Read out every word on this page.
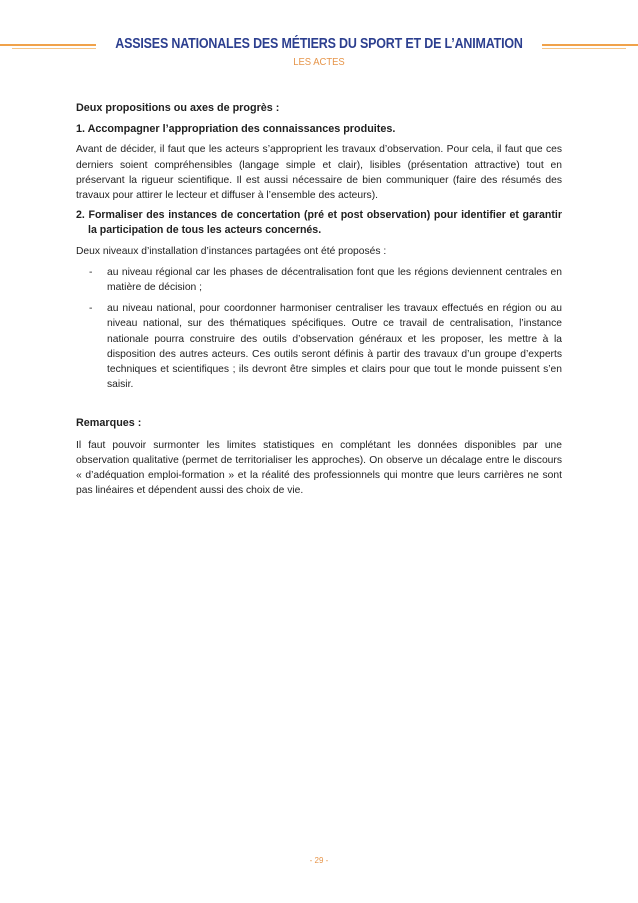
ASSISES NATIONALES DES MÉTIERS DU SPORT ET DE L’ANIMATION
LES ACTES

Deux propositions ou axes de progrès :

1. Accompagner l’appropriation des connaissances produites.

Avant de décider, il faut que les acteurs s’approprient les travaux d’observation. Pour cela, il faut que ces derniers soient compréhensibles (langage simple et clair), lisibles (présentation attractive) tout en préservant la rigueur scientifique. Il est aussi nécessaire de bien communiquer (faire des résumés des travaux pour attirer le lecteur et diffuser à l’ensemble des acteurs).

2. Formaliser des instances de concertation (pré et post observation) pour identifier et garantir la participation de tous les acteurs concernés.

Deux niveaux d’installation d’instances partagées ont été proposés :

- au niveau régional car les phases de décentralisation font que les régions deviennent centrales en matière de décision ;
- au niveau national, pour coordonner harmoniser centraliser les travaux effectués en région ou au niveau national, sur des thématiques spécifiques. Outre ce travail de centralisation, l’instance nationale pourra construire des outils d’observation généraux et les proposer, les mettre à la disposition des autres acteurs. Ces outils seront définis à partir des travaux d’un groupe d’experts techniques et scientifiques ; ils devront être simples et clairs pour que tout le monde puissent s’en saisir.

Remarques :

Il faut pouvoir surmonter les limites statistiques en complétant les données disponibles par une observation qualitative (permet de territorialiser les approches). On observe un décalage entre le discours « d’adéquation emploi-formation » et la réalité des professionnels qui montre que leurs carrières ne sont pas linéaires et dépendent aussi des choix de vie.

- 29 -
